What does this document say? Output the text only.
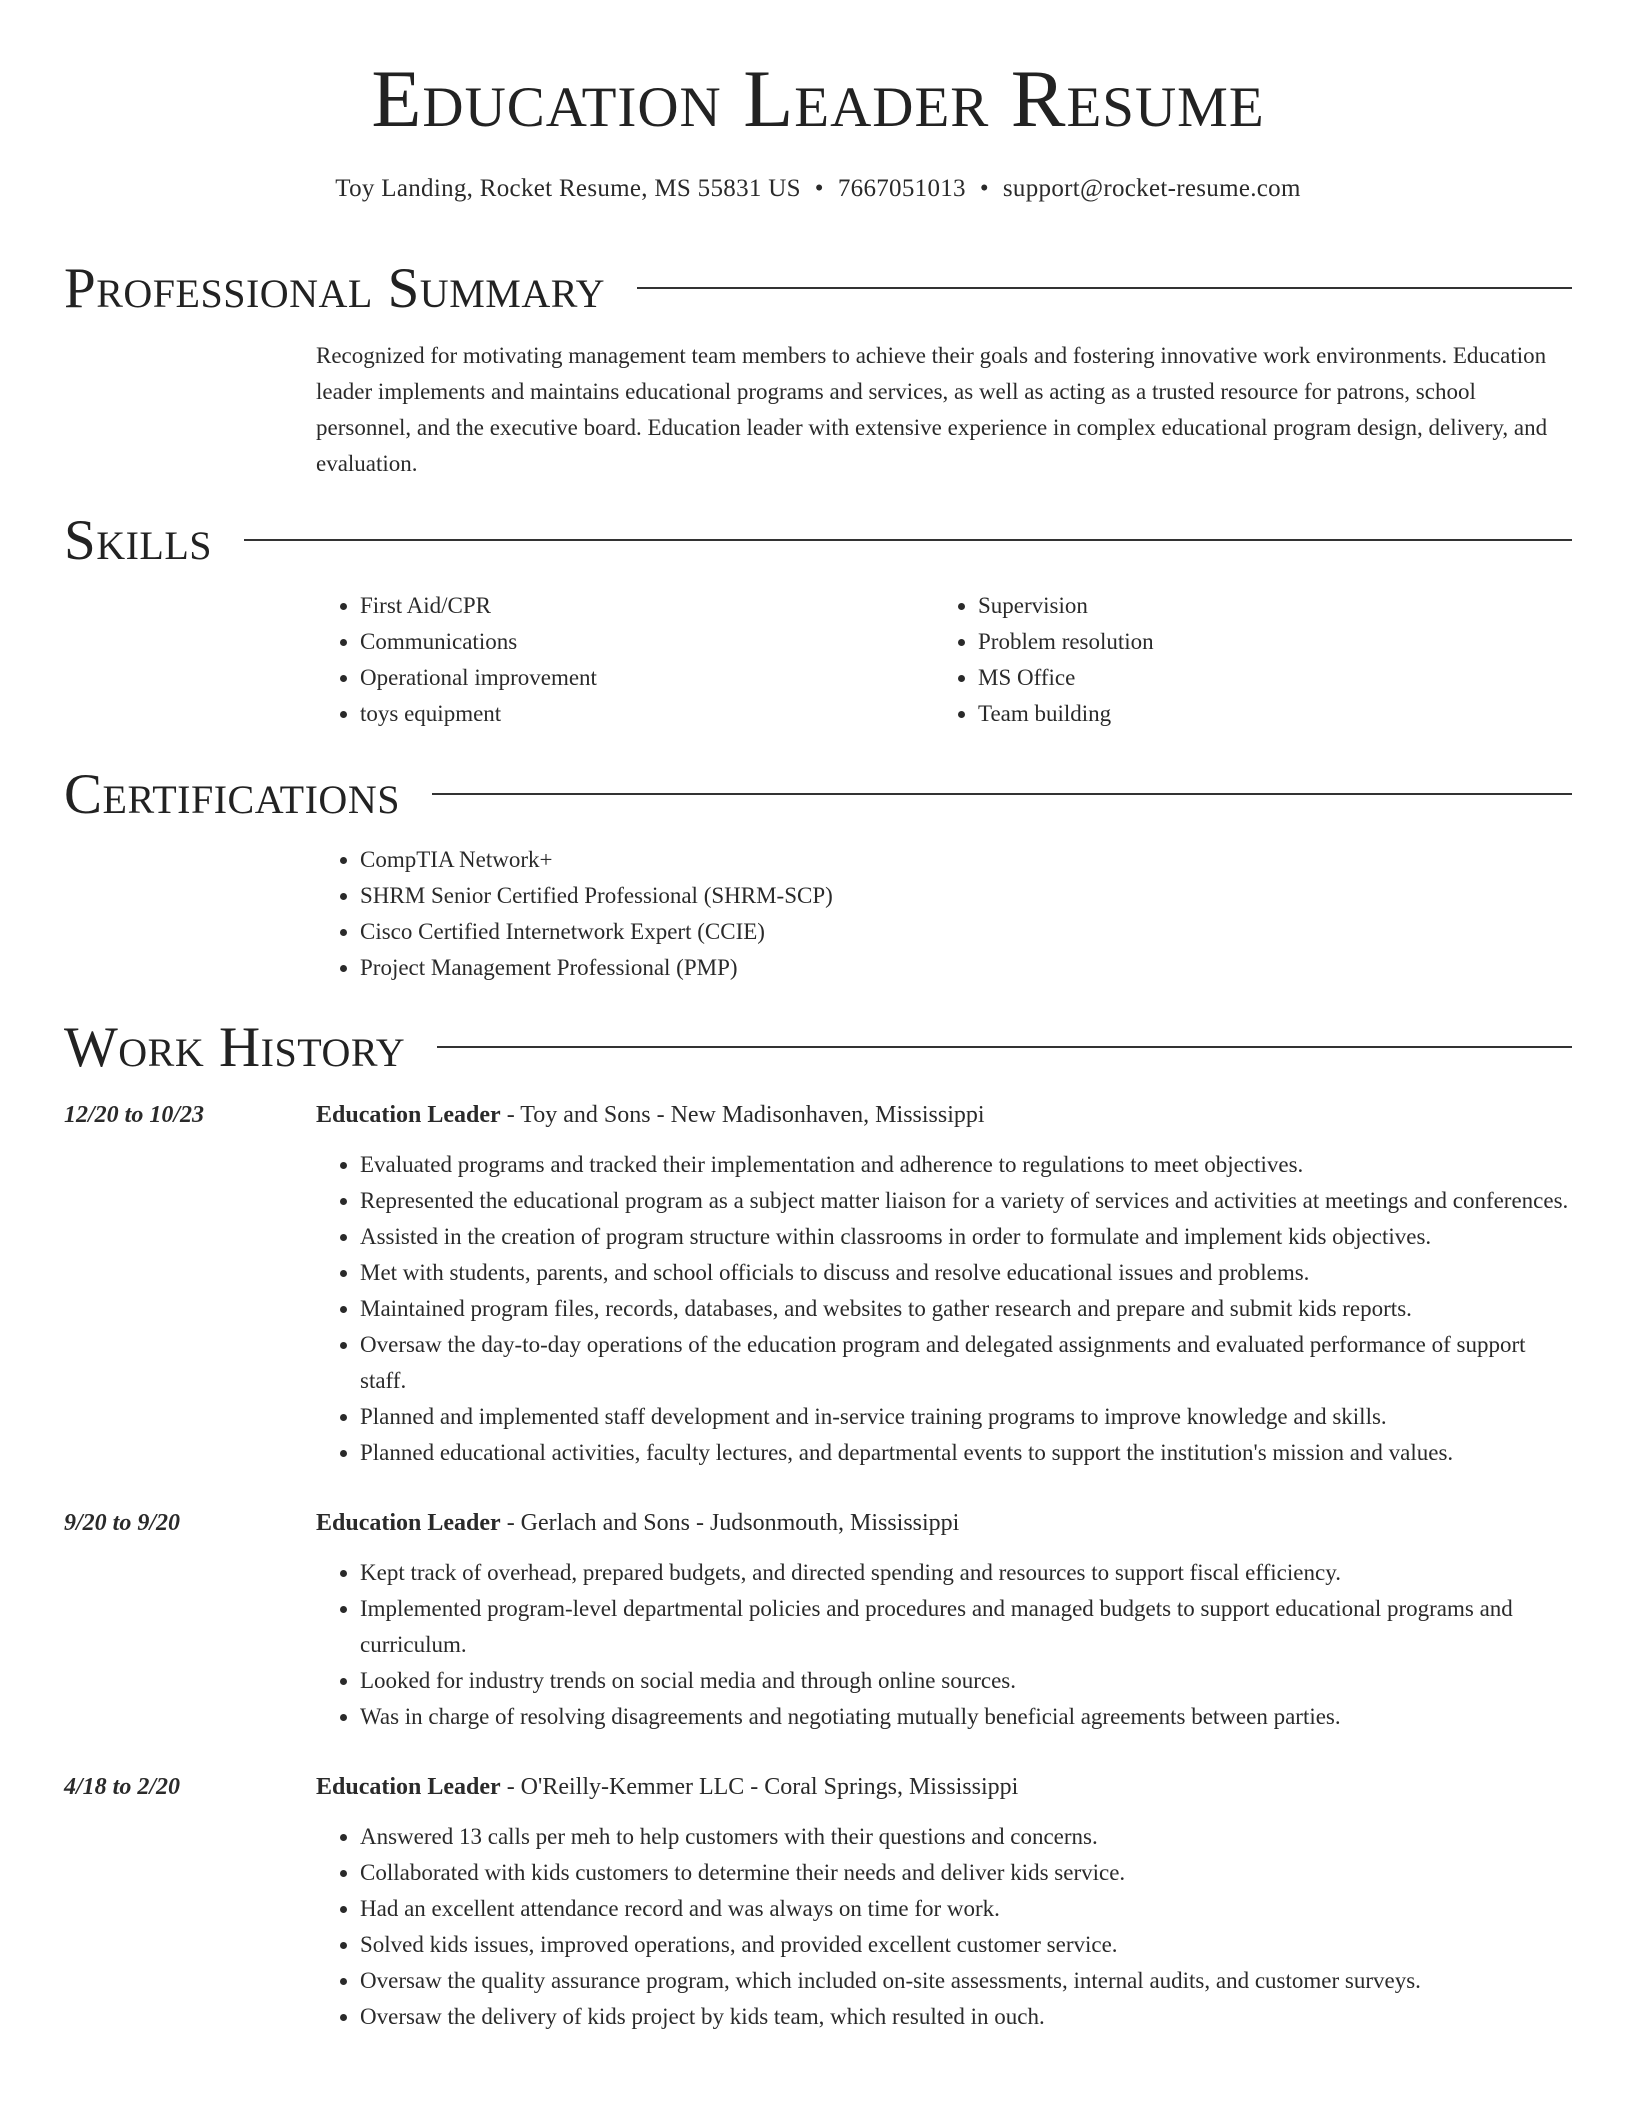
Education Leader Resume
Toy Landing, Rocket Resume, MS 55831 US • 7667051013 • support@rocket-resume.com
Professional Summary

Recognized for motivating management team members to achieve their goals and fostering innovative work environments. Education leader implements and maintains educational programs and services, as well as acting as a trusted resource for patrons, school personnel, and the executive board. Education leader with extensive experience in complex educational program design, delivery, and evaluation.

Skills
• First Aid/CPR
• Communications
• Operational improvement
• toys equipment
• Supervision
• Problem resolution
• MS Office
• Team building
Certifications
• CompTIA Network+
• SHRM Senior Certified Professional (SHRM-SCP)
• Cisco Certified Internetwork Expert (CCIE)
• Project Management Professional (PMP)
Work History
12/20 to 10/23	Education Leader - Toy and Sons - New Madisonhaven, Mississippi
• Evaluated programs and tracked their implementation and adherence to regulations to meet objectives.
• Represented the educational program as a subject matter liaison for a variety of services and activities at meetings and conferences.
• Assisted in the creation of program structure within classrooms in order to formulate and implement kids objectives.
• Met with students, parents, and school officials to discuss and resolve educational issues and problems.
• Maintained program files, records, databases, and websites to gather research and prepare and submit kids reports.
• Oversaw the day-to-day operations of the education program and delegated assignments and evaluated performance of support staff.
• Planned and implemented staff development and in-service training programs to improve knowledge and skills.
• Planned educational activities, faculty lectures, and departmental events to support the institution's mission and values.
9/20 to 9/20	Education Leader - Gerlach and Sons - Judsonmouth, Mississippi
• Kept track of overhead, prepared budgets, and directed spending and resources to support fiscal efficiency.
• Implemented program-level departmental policies and procedures and managed budgets to support educational programs and curriculum.
• Looked for industry trends on social media and through online sources.
• Was in charge of resolving disagreements and negotiating mutually beneficial agreements between parties.
4/18 to 2/20	Education Leader - O'Reilly-Kemmer LLC - Coral Springs, Mississippi
• Answered 13 calls per meh to help customers with their questions and concerns.
• Collaborated with kids customers to determine their needs and deliver kids service.
• Had an excellent attendance record and was always on time for work.
• Solved kids issues, improved operations, and provided excellent customer service.
• Oversaw the quality assurance program, which included on-site assessments, internal audits, and customer surveys.
• Oversaw the delivery of kids project by kids team, which resulted in ouch.
